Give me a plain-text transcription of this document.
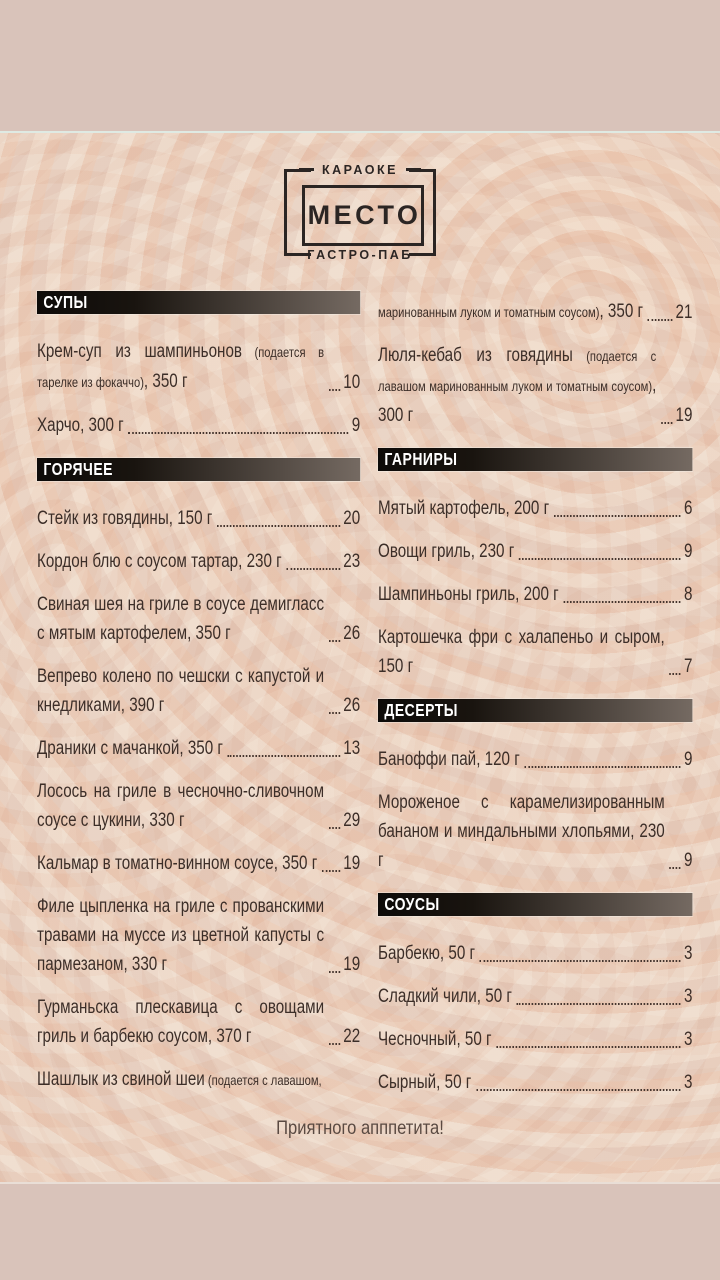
КАРАОКЕ
МЕСТО
ГАСТРО-ПАБ
СУПЫ
Крем-суп из шампиньонов (подается в тарелке из фокаччо), 350 г	10
Харчо, 300 г	9
ГОРЯЧЕЕ
Стейк из говядины, 150 г	20
Кордон блю с соусом тартар, 230 г	23
Свиная шея на гриле в соусе демигласс с мятым картофелем, 350 г	26
Вепрево колено по чешски с капустой и кнедликами, 390 г	26
Драники с мачанкой, 350 г	13
Лосось на гриле в чесночно-сливочном соусе с цукини, 330 г	29
Кальмар в томатно-винном соусе, 350 г 19
Филе цыпленка на гриле с прованскими травами на муссе из цветной капусты с пармезаном, 330 г	19
Гурманьска плескавица с овощами гриль и барбекю соусом, 370 г	22
Шашлык из свиной шеи (подается с лавашом,
маринованным луком и томатным соусом), 350 г 21
Люля-кебаб из говядины (подается с лавашом маринованным луком и томатным соусом), 300 г	19
ГАРНИРЫ
Мятый картофель, 200 г	6
Овощи гриль, 230 г	9
Шампиньоны гриль, 200 г	8
Картошечка фри с халапеньо и сыром, 150 г	7
ДЕСЕРТЫ
Баноффи пай, 120 г	9
Мороженое с карамелизированным бананом и миндальными хлопьями, 230 г	9
СОУСЫ
Барбекю, 50 г	3
Сладкий чили, 50 г	3
Чесночный, 50 г	3
Сырный, 50 г	3
Приятного апппетита!
